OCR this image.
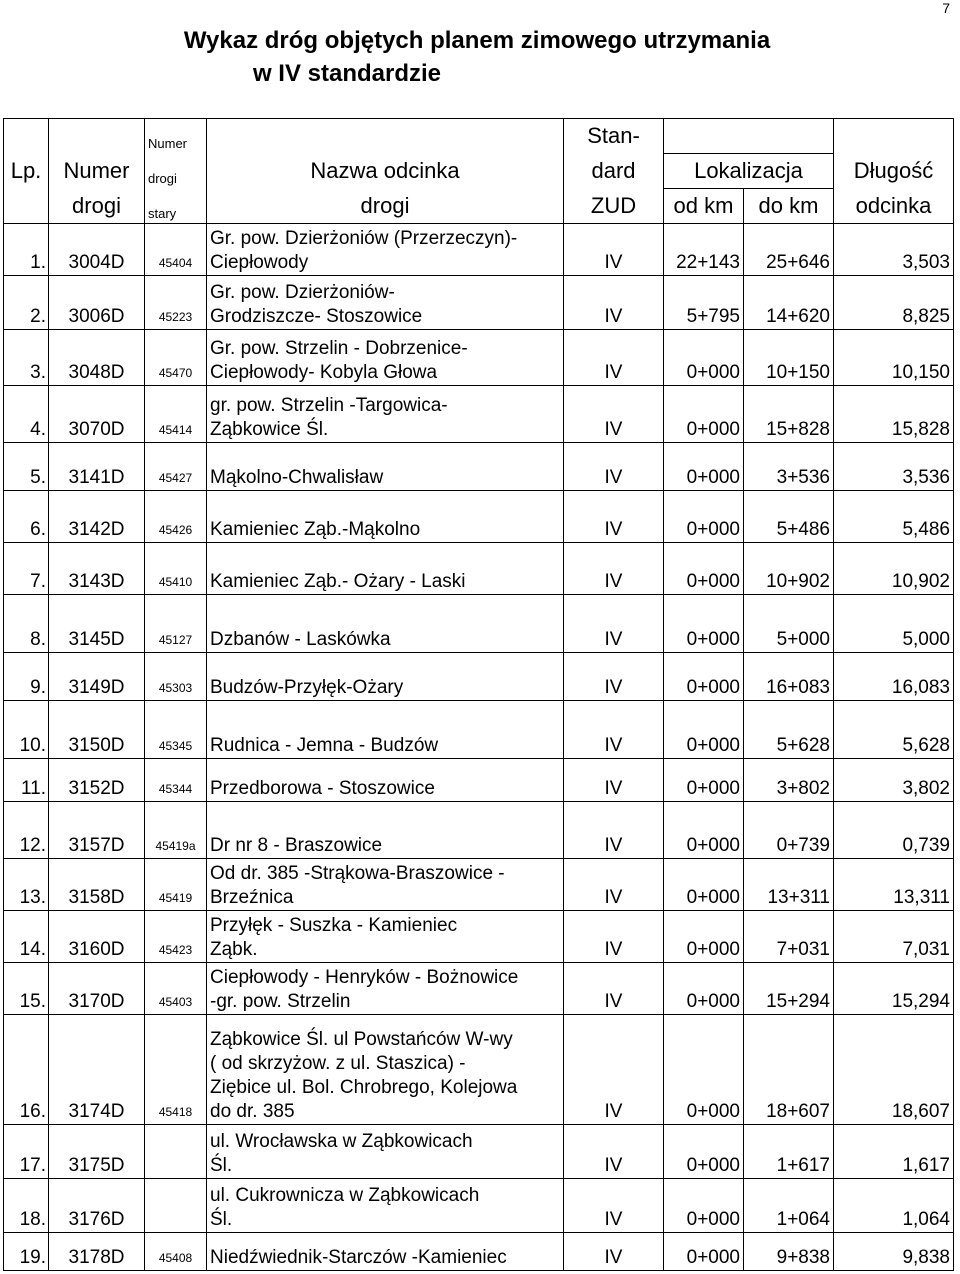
7
Wykaz dróg objętych planem zimowego utrzymania
w IV standardzie
		Numer		Stan-			
Lp.	Numer	drogi	Nazwa odcinka	dard	Lokalizacja		Długość
	drogi	stary	drogi	ZUD	od km	do km	odcinka
1.	3004D	45404	Gr. pow. Dzierżoniów (Przerzeczyn)-
Ciepłowody	IV	22+143	25+646	3,503
2.	3006D	45223	Gr. pow. Dzierżoniów-
Grodziszcze- Stoszowice	IV	5+795	14+620	8,825
3.	3048D	45470	Gr. pow. Strzelin - Dobrzenice-
Ciepłowody- Kobyla Głowa	IV	0+000	10+150	10,150
4.	3070D	45414	gr. pow. Strzelin -Targowica-
Ząbkowice Śl.	IV	0+000	15+828	15,828
5.	3141D	45427	Mąkolno-Chwalisław	IV	0+000	3+536	3,536
6.	3142D	45426	Kamieniec Ząb.-Mąkolno	IV	0+000	5+486	5,486
7.	3143D	45410	Kamieniec Ząb.- Ożary - Laski	IV	0+000	10+902	10,902
8.	3145D	45127	Dzbanów - Laskówka	IV	0+000	5+000	5,000
9.	3149D	45303	Budzów-Przyłęk-Ożary	IV	0+000	16+083	16,083
10.	3150D	45345	Rudnica - Jemna - Budzów	IV	0+000	5+628	5,628
11.	3152D	45344	Przedborowa - Stoszowice	IV	0+000	3+802	3,802
12.	3157D	45419a	Dr nr 8 - Braszowice	IV	0+000	0+739	0,739
13.	3158D	45419	Od dr. 385 -Strąkowa-Braszowice -
Brzeźnica	IV	0+000	13+311	13,311
14.	3160D	45423	Przyłęk - Suszka - Kamieniec
Ząbk.	IV	0+000	7+031	7,031
15.	3170D	45403	Ciepłowody - Henryków - Bożnowice
-gr. pow. Strzelin	IV	0+000	15+294	15,294
16.	3174D	45418	Ząbkowice Śl. ul Powstańców W-wy
( od skrzyżow. z ul. Staszica) -
Ziębice ul. Bol. Chrobrego, Kolejowa
do dr. 385	IV	0+000	18+607	18,607
17.	3175D		ul. Wrocławska w Ząbkowicach
Śl.	IV	0+000	1+617	1,617
18.	3176D		ul. Cukrownicza w Ząbkowicach
Śl.	IV	0+000	1+064	1,064
19.	3178D	45408	Niedźwiednik-Starczów -Kamieniec	IV	0+000	9+838	9,838
